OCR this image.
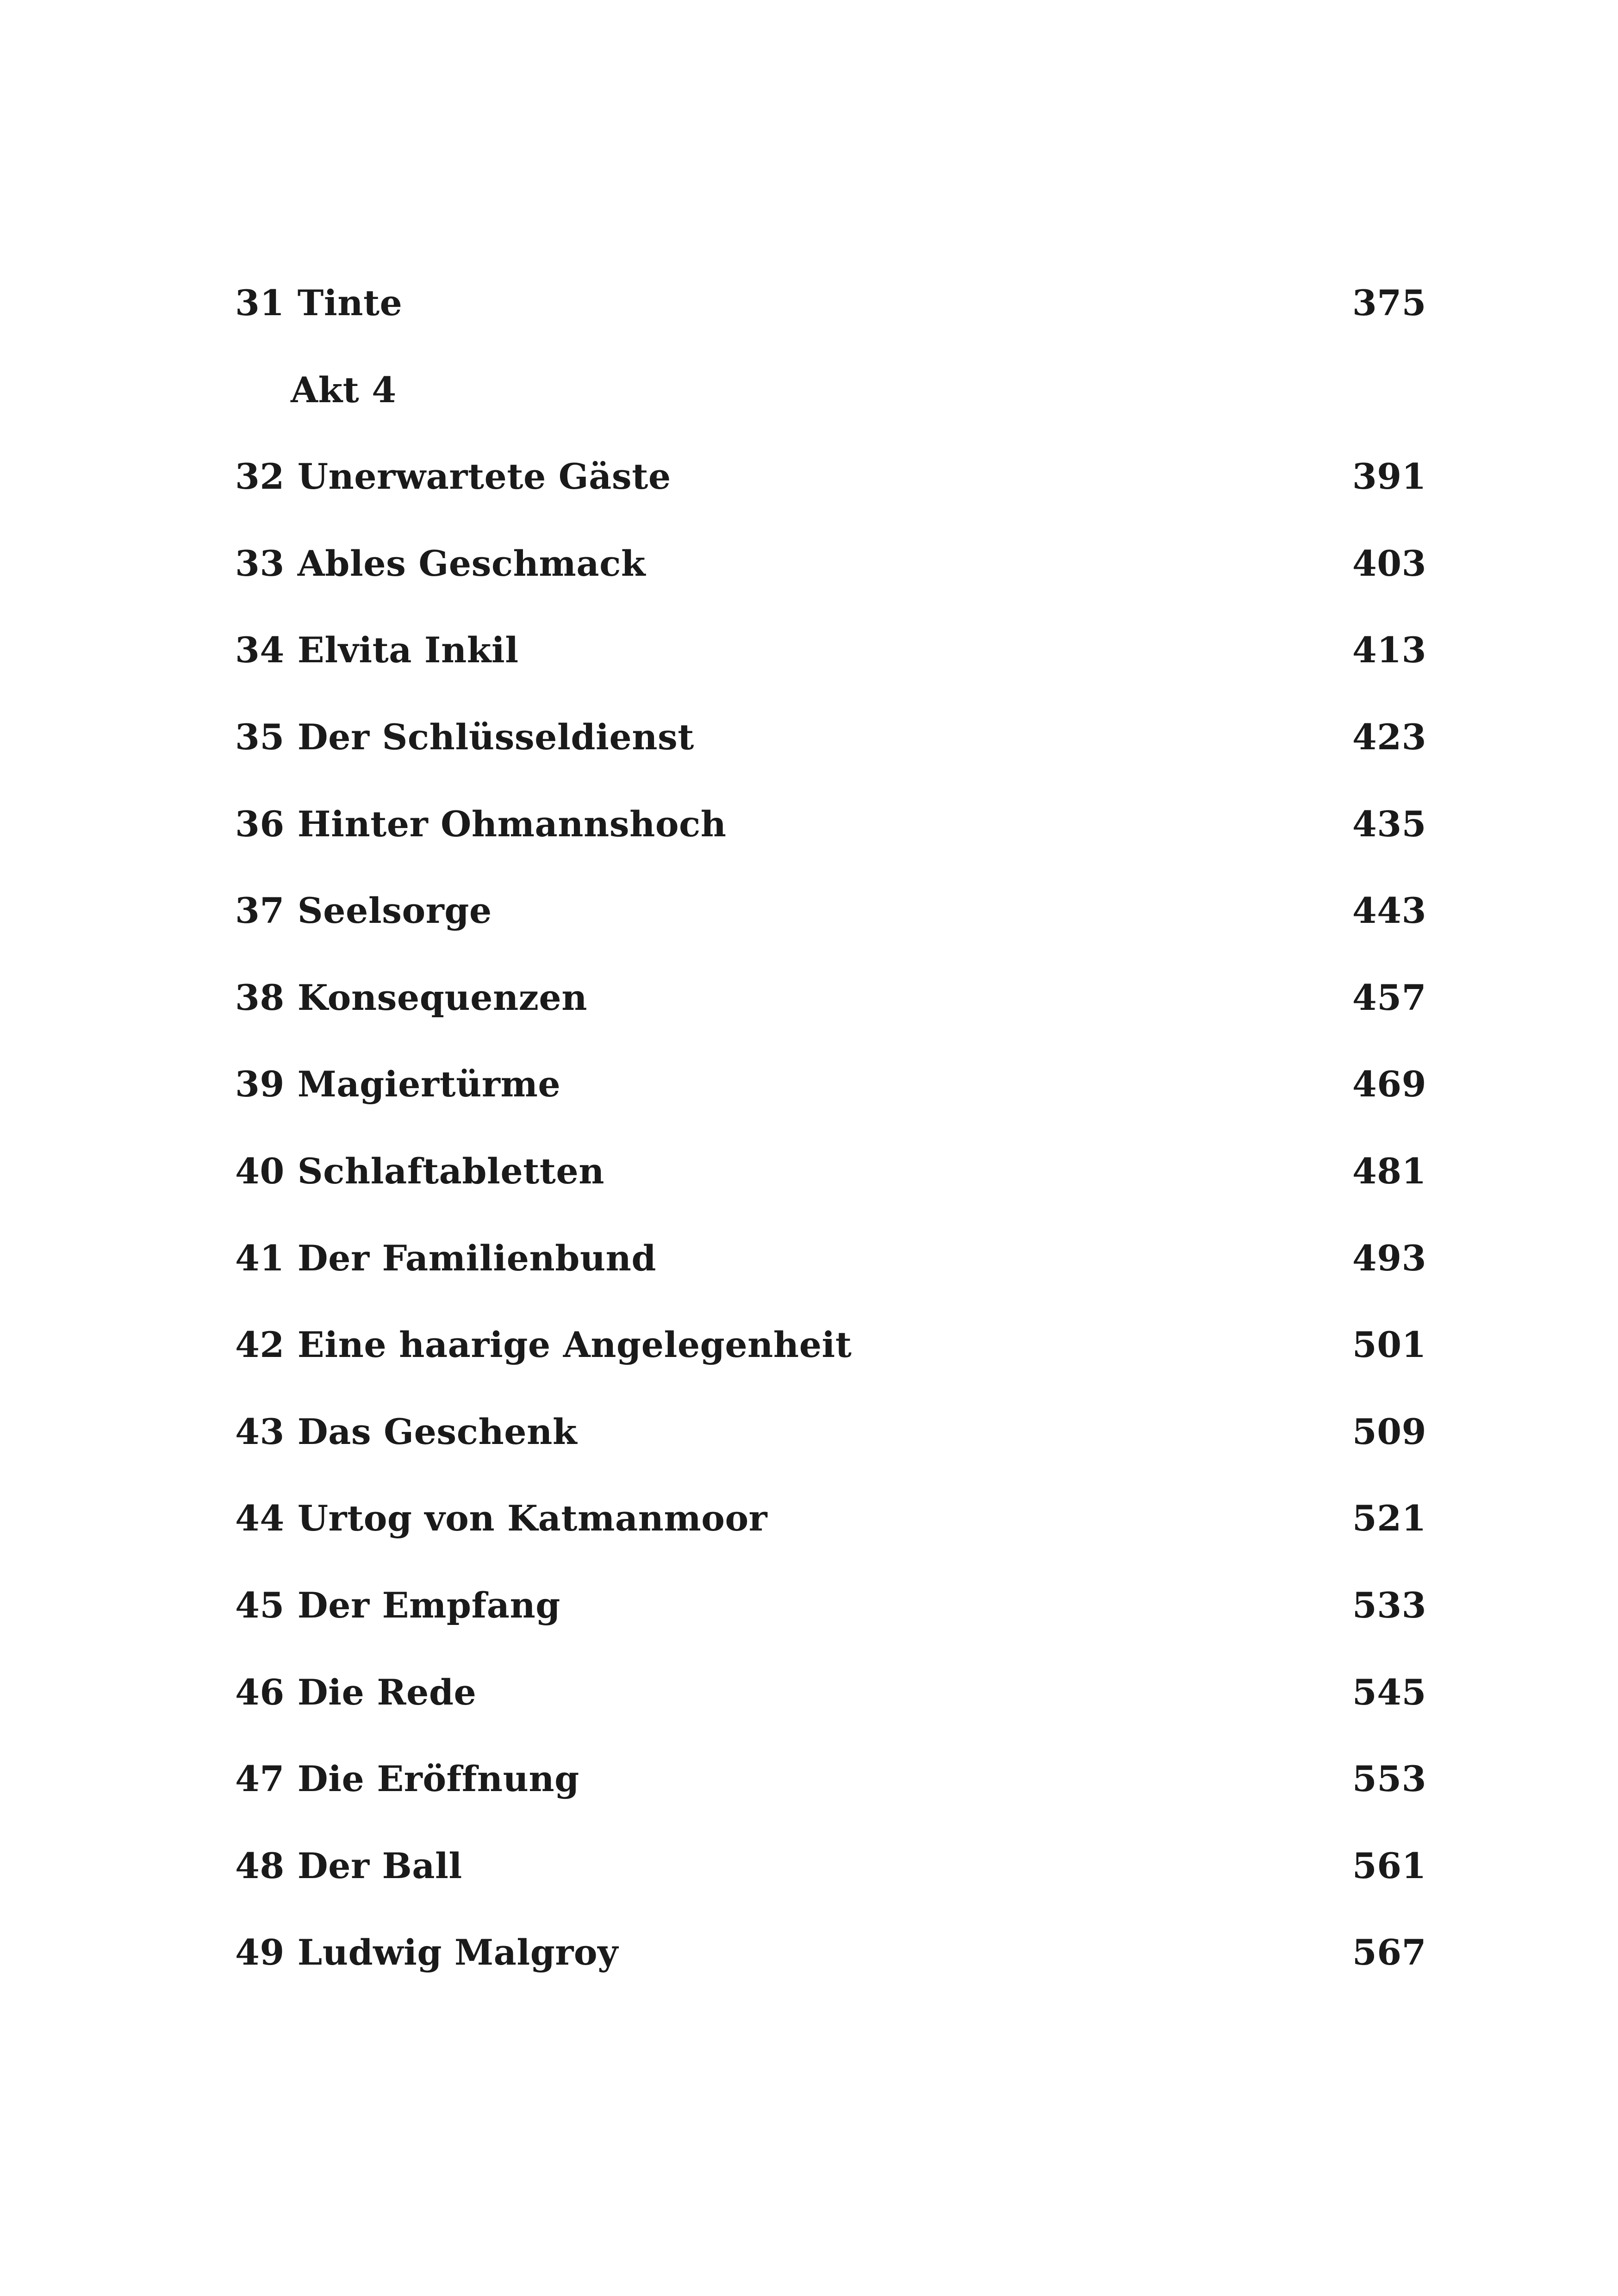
31 Tinte	375
Akt 4
32 Unerwartete Gäste	391
33 Ables Geschmack	403
34 Elvita Inkil	413
35 Der Schlüsseldienst	423
36 Hinter Ohmannshoch	435
37 Seelsorge	443
38 Konsequenzen	457
39 Magiertürme	469
40 Schlaftabletten	481
41 Der Familienbund	493
42 Eine haarige Angelegenheit	501
43 Das Geschenk	509
44 Urtog von Katmanmoor	521
45 Der Empfang	533
46 Die Rede	545
47 Die Eröffnung	553
48 Der Ball	561
49 Ludwig Malgroy	567
